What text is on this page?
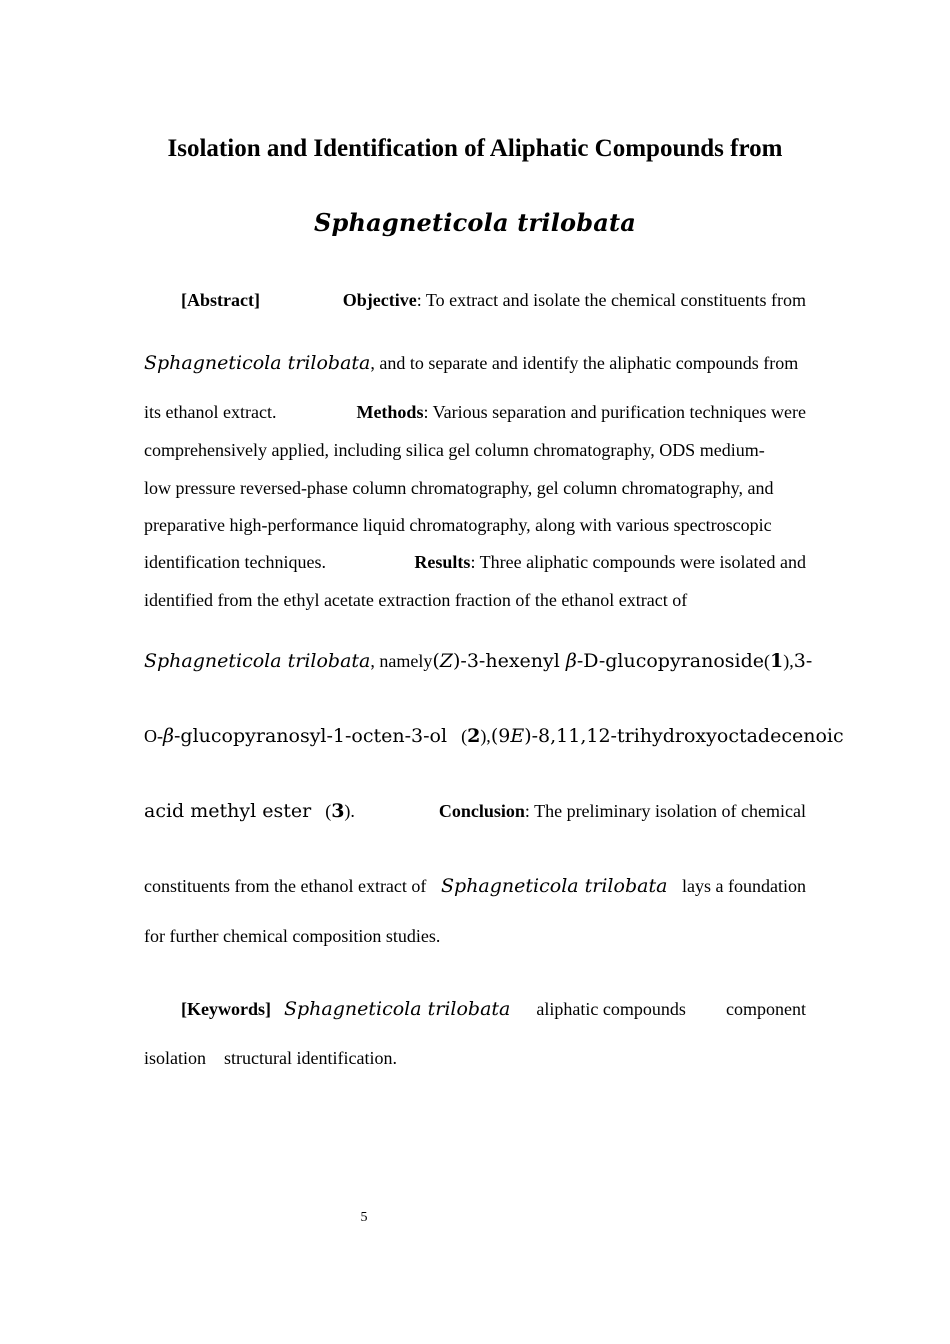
Isolation and Identification of Aliphatic Compounds from
Sphagneticola trilobata
[Abstract]	Objective: To extract and isolate the chemical constituents from
Sphagneticola trilobata , and to separate and identify the aliphatic compounds from
its ethanol extract.	Methods: Various separation and purification techniques were
comprehensively applied, including silica gel column chromatography, ODS medium-
low pressure reversed-phase column chromatography, gel column chromatography, and
preparative high-performance liquid chromatography, along with various spectroscopic
identification techniques.	Results: Three aliphatic compounds were isolated and
identified from the ethyl acetate extraction fraction of the ethanol extract of
Sphagneticola trilobata, namely (Z)-3-hexenyl β-D-glucopyranoside (1), 3-
O-β-glucopyranosyl-1-octen-3-ol (2), (9E)-8,11,12-trihydroxyoctadecenoic
acid methyl ester (3).	Conclusion: The preliminary isolation of chemical
constituents from the ethanol extract of Sphagneticola trilobata lays a foundation
for further chemical composition studies.
[Keywords] Sphagneticola trilobata aliphatic compounds component
isolation structural identification.
5
